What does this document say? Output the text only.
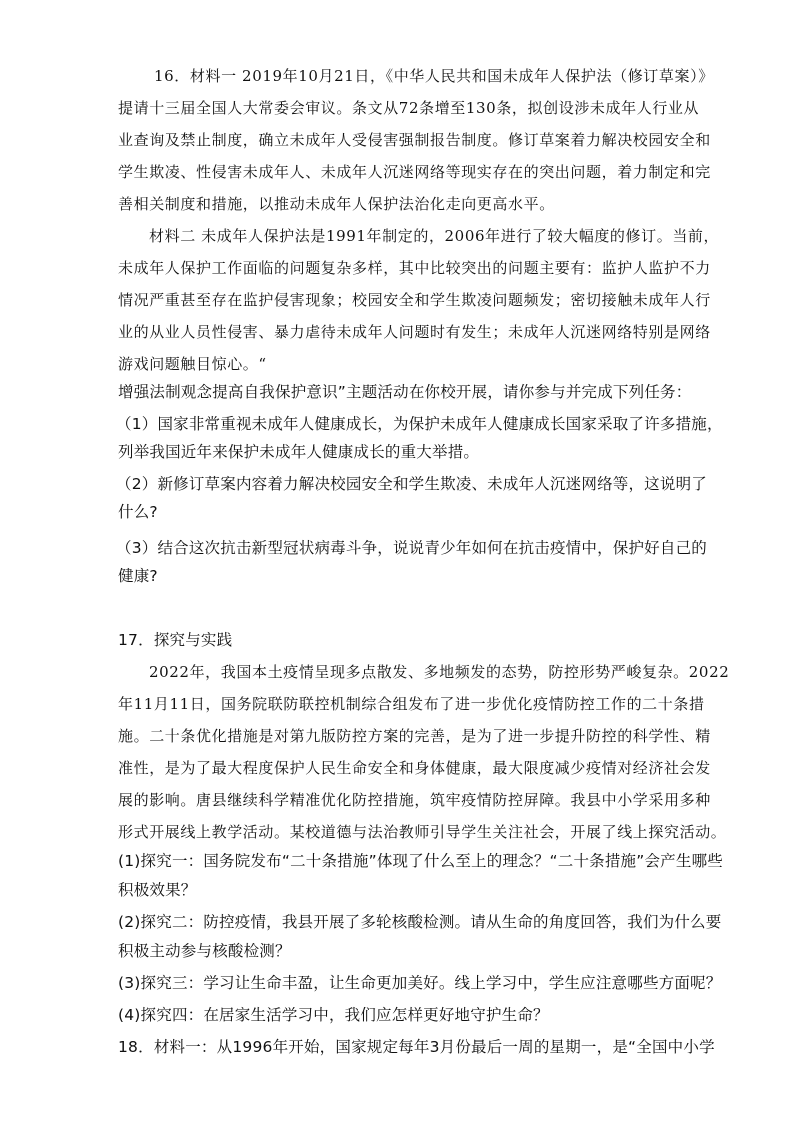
16．材料一 2019年10月21日，《中华人民共和国未成年人保护法（修订草案）》
提请十三届全国人大常委会审议。条文从72条增至130条，拟创设涉未成年人行业从
业查询及禁止制度，确立未成年人受侵害强制报告制度。修订草案着力解决校园安全和
学生欺凌、性侵害未成年人、未成年人沉迷网络等现实存在的突出问题，着力制定和完
善相关制度和措施，以推动未成年人保护法治化走向更高水平。
材料二 未成年人保护法是1991年制定的，2006年进行了较大幅度的修订。当前，
未成年人保护工作面临的问题复杂多样，其中比较突出的问题主要有：监护人监护不力
情况严重甚至存在监护侵害现象；校园安全和学生欺凌问题频发；密切接触未成年人行
业的从业人员性侵害、暴力虐待未成年人问题时有发生；未成年人沉迷网络特别是网络
游戏问题触目惊心。“
增强法制观念提高自我保护意识”主题活动在你校开展，请你参与并完成下列任务：
（1）国家非常重视未成年人健康成长，为保护未成年人健康成长国家采取了许多措施，
列举我国近年来保护未成年人健康成长的重大举措。
（2）新修订草案内容着力解决校园安全和学生欺凌、未成年人沉迷网络等，这说明了
什么?
（3）结合这次抗击新型冠状病毒斗争，说说青少年如何在抗击疫情中，保护好自己的
健康?
17．探究与实践
2022年，我国本土疫情呈现多点散发、多地频发的态势，防控形势严峻复杂。2022
年11月11日，国务院联防联控机制综合组发布了进一步优化疫情防控工作的二十条措
施。二十条优化措施是对第九版防控方案的完善，是为了进一步提升防控的科学性、精
准性，是为了最大程度保护人民生命安全和身体健康，最大限度减少疫情对经济社会发
展的影响。唐县继续科学精准优化防控措施，筑牢疫情防控屏障。我县中小学采用多种
形式开展线上教学活动。某校道德与法治教师引导学生关注社会，开展了线上探究活动。
(1)探究一：国务院发布“二十条措施”体现了什么至上的理念？“二十条措施”会产生哪些
积极效果？
(2)探究二：防控疫情，我县开展了多轮核酸检测。请从生命的角度回答，我们为什么要
积极主动参与核酸检测？
(3)探究三：学习让生命丰盈，让生命更加美好。线上学习中，学生应注意哪些方面呢？
(4)探究四：在居家生活学习中，我们应怎样更好地守护生命？
18．材料一：从1996年开始，国家规定每年3月份最后一周的星期一，是“全国中小学
